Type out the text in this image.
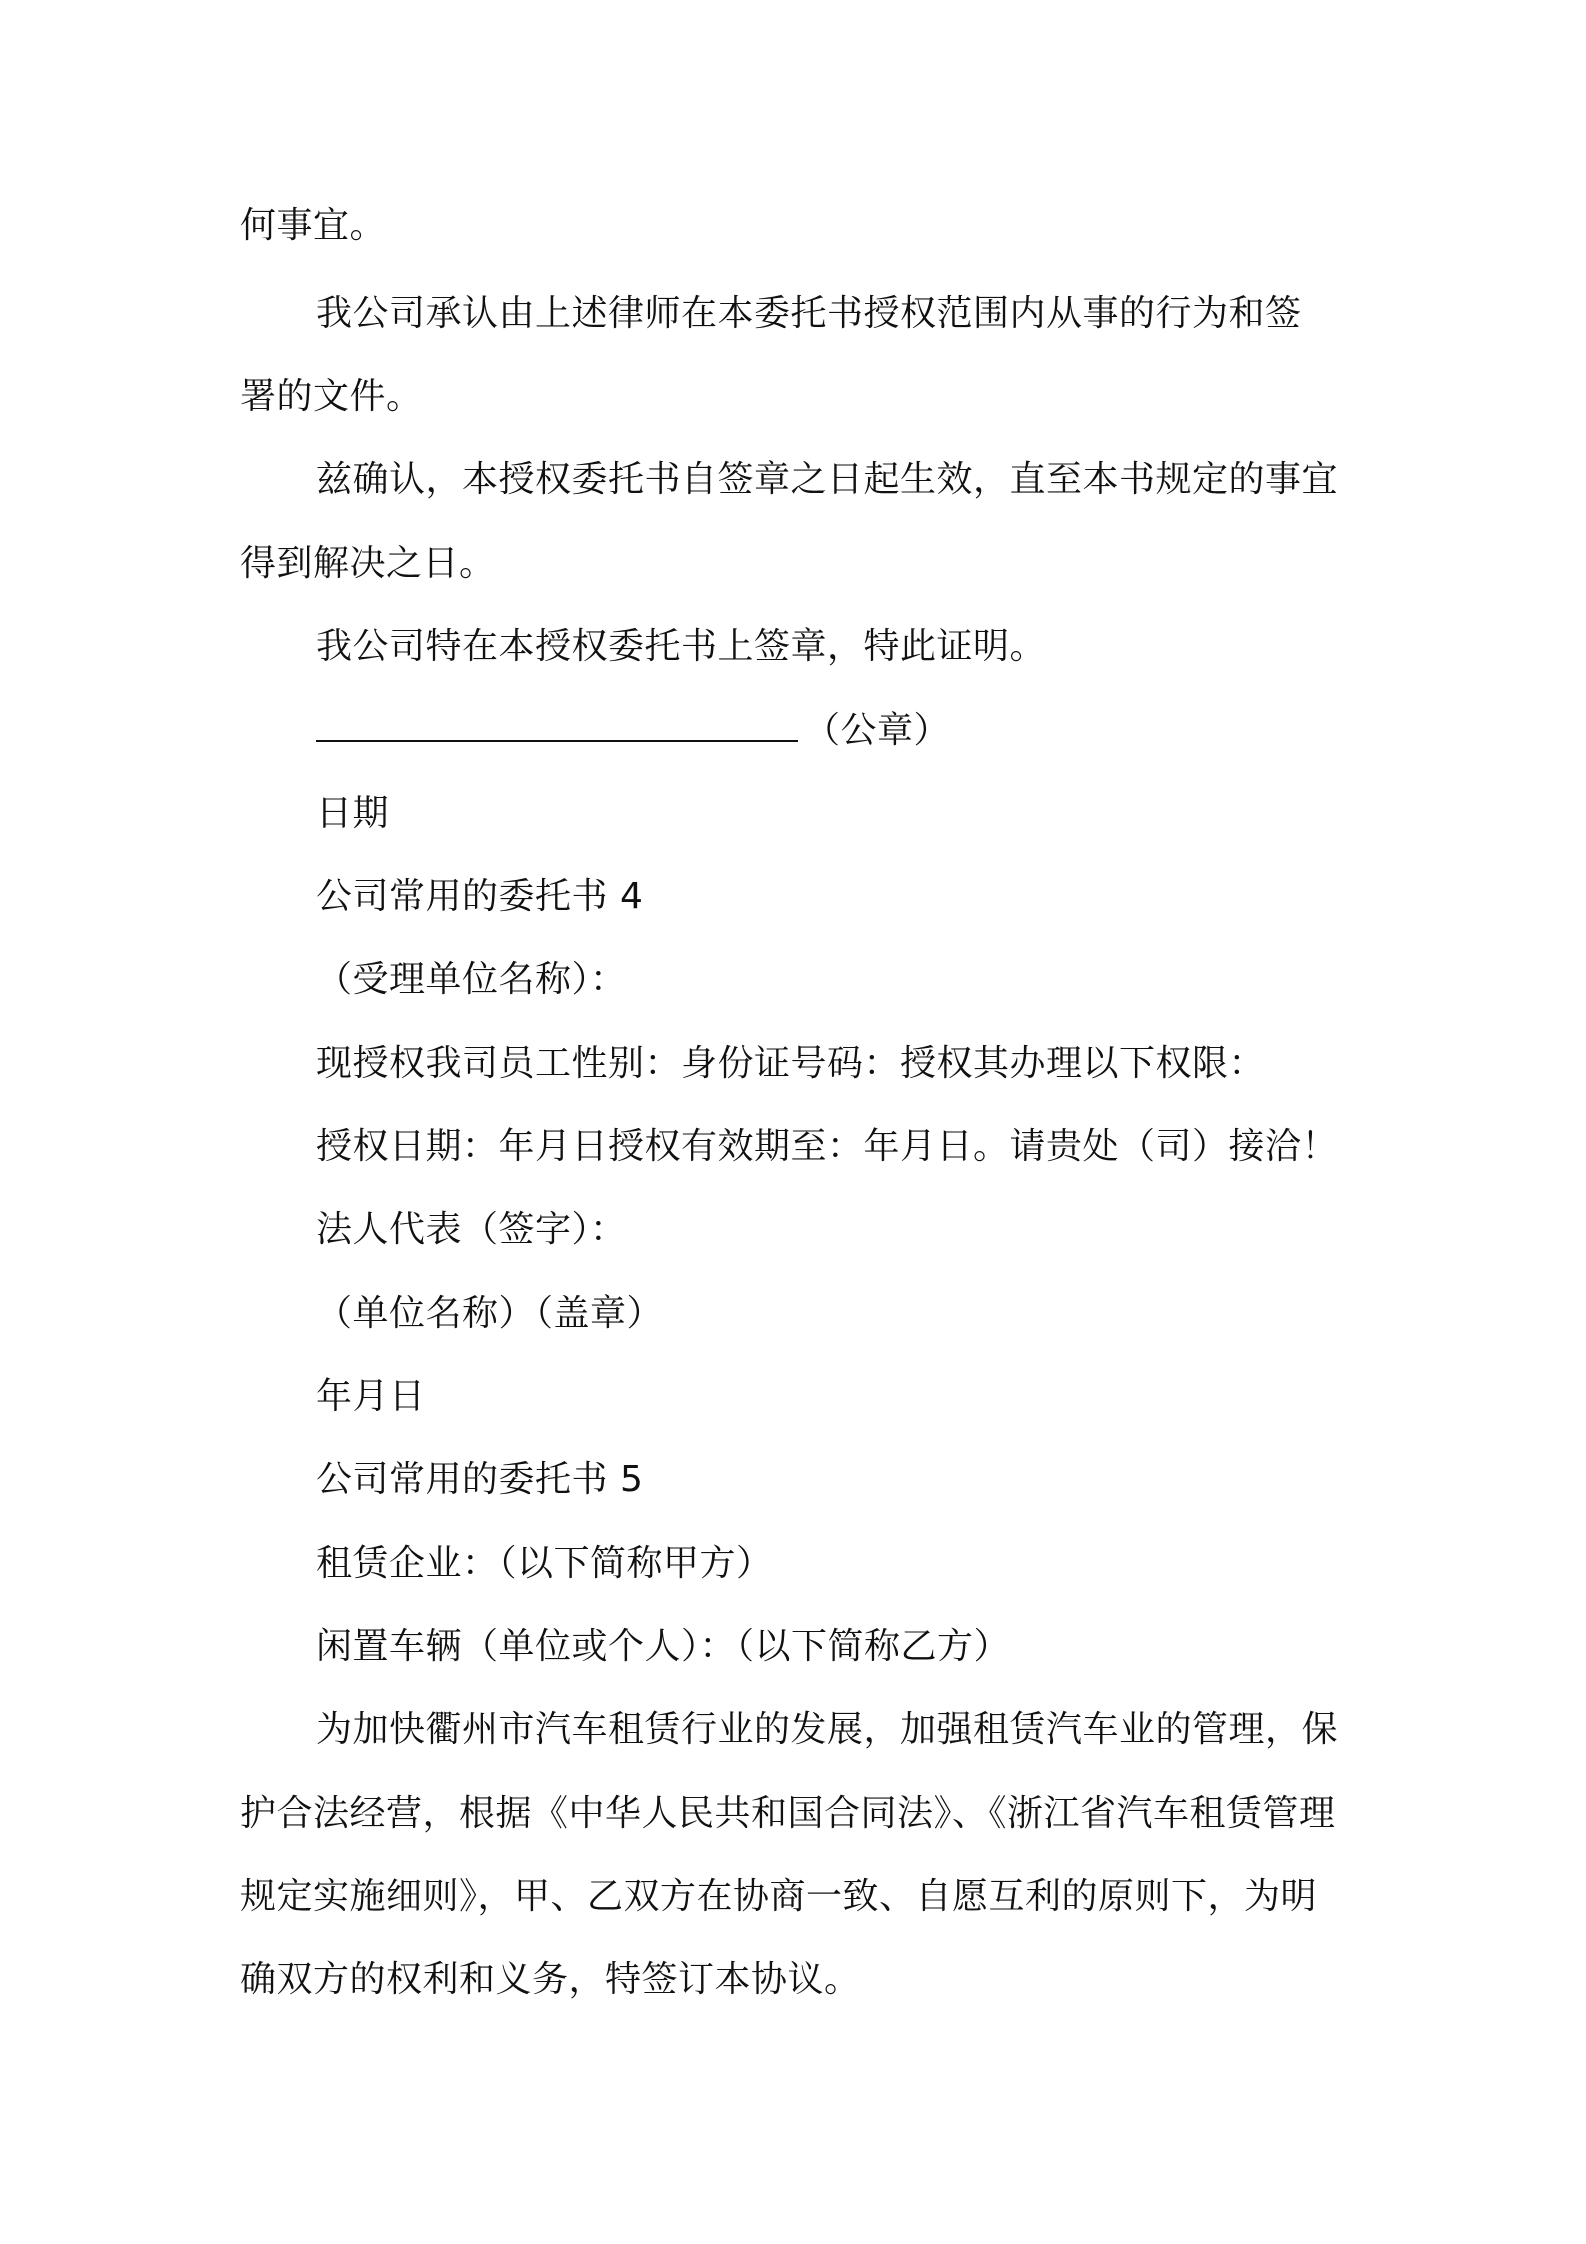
何事宜。
我公司承认由上述律师在本委托书授权范围内从事的行为和签
署的文件。
兹确认，本授权委托书自签章之日起生效，直至本书规定的事宜
得到解决之日。
我公司特在本授权委托书上签章，特此证明。
（公章）
日期
公司常用的委托书 4
（受理单位名称）：
现授权我司员工性别：身份证号码：授权其办理以下权限：
授权日期：年月日授权有效期至：年月日。请贵处（司）接洽！
法人代表（签字）：
（单位名称）（盖章）
年月日
公司常用的委托书 5
租赁企业：（以下简称甲方）
闲置车辆（单位或个人）：（以下简称乙方）
为加快衢州市汽车租赁行业的发展，加强租赁汽车业的管理，保
护合法经营，根据《中华人民共和国合同法》、《浙江省汽车租赁管理
规定实施细则》，甲、乙双方在协商一致、自愿互利的原则下，为明
确双方的权利和义务，特签订本协议。
